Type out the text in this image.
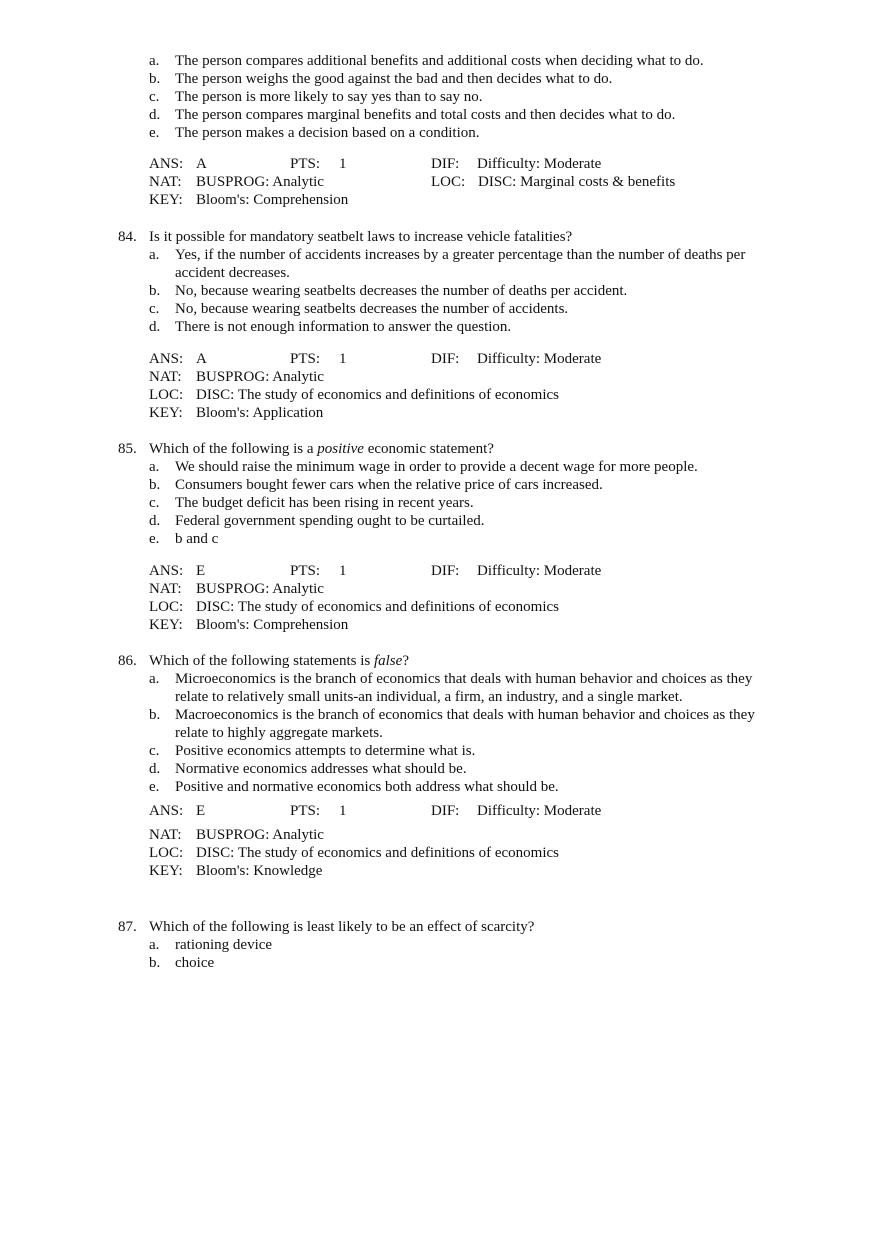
a. The person compares additional benefits and additional costs when deciding what to do.
b. The person weighs the good against the bad and then decides what to do.
c. The person is more likely to say yes than to say no.
d. The person compares marginal benefits and total costs and then decides what to do.
e. The person makes a decision based on a condition.
ANS: A	PTS: 1	DIF: Difficulty: Moderate
NAT: BUSPROG: Analytic	LOC: DISC: Marginal costs & benefits
KEY: Bloom's: Comprehension
84. Is it possible for mandatory seatbelt laws to increase vehicle fatalities?
a. Yes, if the number of accidents increases by a greater percentage than the number of deaths per accident decreases.
b. No, because wearing seatbelts decreases the number of deaths per accident.
c. No, because wearing seatbelts decreases the number of accidents.
d. There is not enough information to answer the question.
ANS: A	PTS: 1	DIF: Difficulty: Moderate
NAT: BUSPROG: Analytic
LOC: DISC: The study of economics and definitions of economics
KEY: Bloom's: Application
85. Which of the following is a positive economic statement?
a. We should raise the minimum wage in order to provide a decent wage for more people.
b. Consumers bought fewer cars when the relative price of cars increased.
c. The budget deficit has been rising in recent years.
d. Federal government spending ought to be curtailed.
e. b and c
ANS: E	PTS: 1	DIF: Difficulty: Moderate
NAT: BUSPROG: Analytic
LOC: DISC: The study of economics and definitions of economics
KEY: Bloom's: Comprehension
86. Which of the following statements is false?
a. Microeconomics is the branch of economics that deals with human behavior and choices as they relate to relatively small units-an individual, a firm, an industry, and a single market.
b. Macroeconomics is the branch of economics that deals with human behavior and choices as they relate to highly aggregate markets.
c. Positive economics attempts to determine what is.
d. Normative economics addresses what should be.
e. Positive and normative economics both address what should be.
ANS: E	PTS: 1	DIF: Difficulty: Moderate
NAT: BUSPROG: Analytic
LOC: DISC: The study of economics and definitions of economics
KEY: Bloom's: Knowledge
87. Which of the following is least likely to be an effect of scarcity?
a. rationing device
b. choice
